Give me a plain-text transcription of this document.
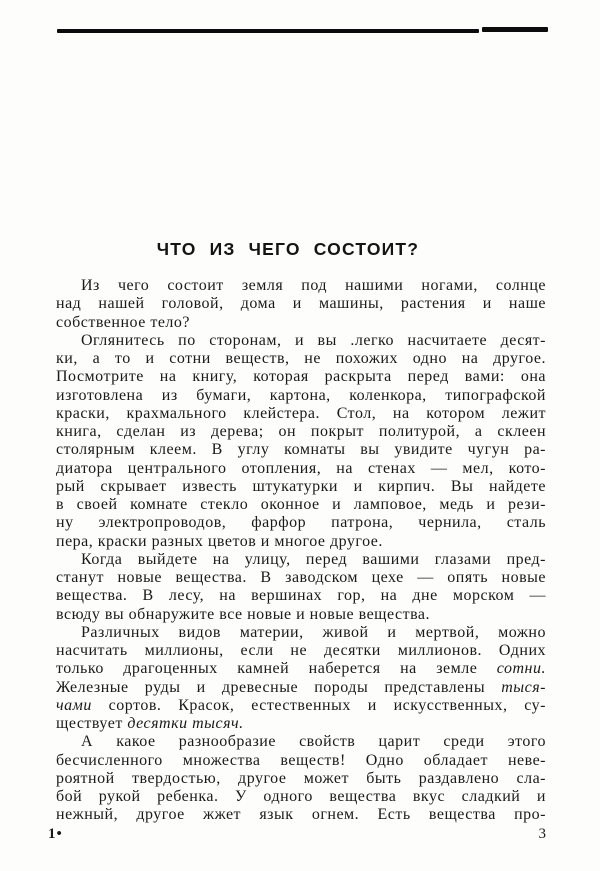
ЧТО ИЗ ЧЕГО СОСТОИТ?
Из чего состоит земля под нашими ногами, солнце
над нашей головой, дома и машины, растения и наше
собственное тело?
Оглянитесь по сторонам, и вы .легко насчитаете десят-
ки, а то и сотни веществ, не похожих одно на другое.
Посмотрите на книгу, которая раскрыта перед вами: она
изготовлена из бумаги, картона, коленкора, типографской
краски, крахмального клейстера. Стол, на котором лежит
книга, сделан из дерева; он покрыт политурой, а склеен
столярным клеем. В углу комнаты вы увидите чугун ра-
диатора центрального отопления, на стенах — мел, кото-
рый скрывает известь штукатурки и кирпич. Вы найдете
в своей комнате стекло оконное и ламповое, медь и рези-
ну электропроводов, фарфор патрона, чернила, сталь
пера, краски разных цветов и многое другое.
Когда выйдете на улицу, перед вашими глазами пред-
станут новые вещества. В заводском цехе — опять новые
вещества. В лесу, на вершинах гор, на дне морском —
всюду вы обнаружите все новые и новые вещества.
Различных видов материи, живой и мертвой, можно
насчитать миллионы, если не десятки миллионов. Одних
только драгоценных камней наберется на земле сотни.
Железные руды и древесные породы представлены тыся-
чами сортов. Красок, естественных и искусственных, су-
ществует десятки тысяч.
А какое разнообразие свойств царит среди этого
бесчисленного множества веществ! Одно обладает неве-
роятной твердостью, другое может быть раздавлено сла-
бой рукой ребенка. У одного вещества вкус сладкий и
нежный, другое жжет язык огнем. Есть вещества про-
1•	3
